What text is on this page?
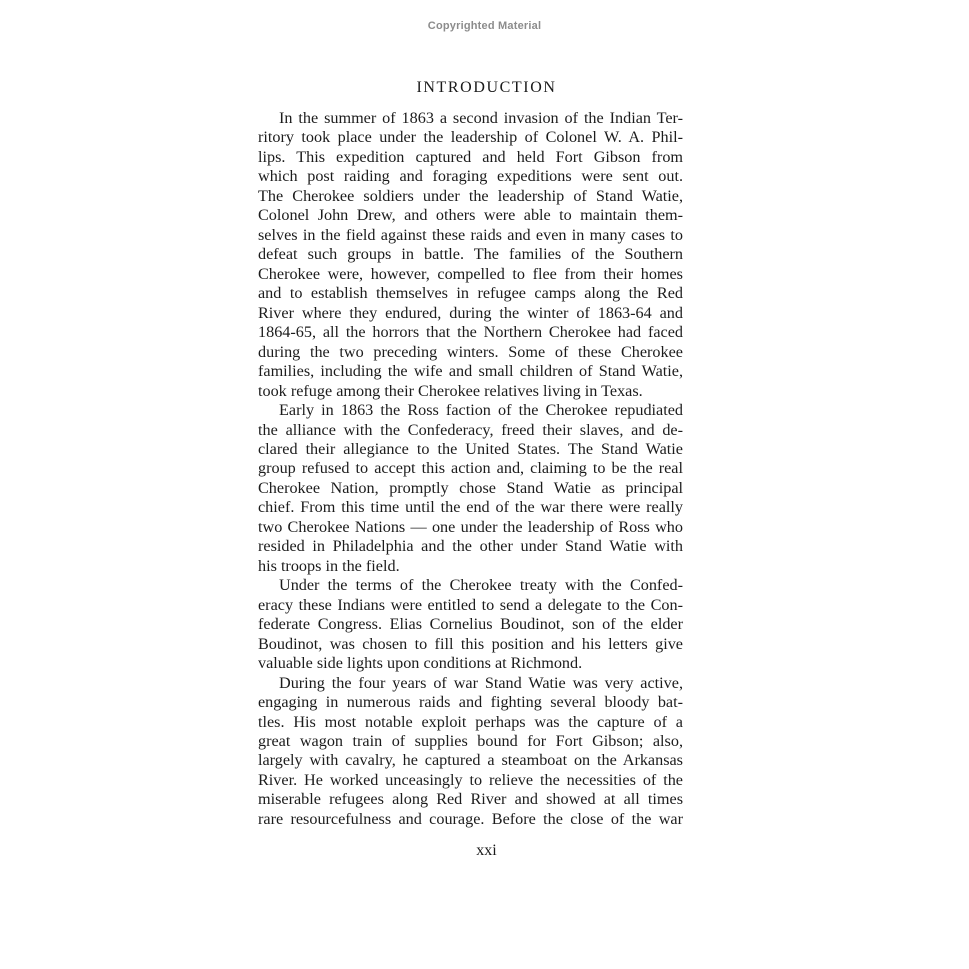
Copyrighted Material
INTRODUCTION
In the summer of 1863 a second invasion of the Indian Ter-
ritory took place under the leadership of Colonel W. A. Phil-
lips. This expedition captured and held Fort Gibson from
which post raiding and foraging expeditions were sent out.
The Cherokee soldiers under the leadership of Stand Watie,
Colonel John Drew, and others were able to maintain them-
selves in the field against these raids and even in many cases to
defeat such groups in battle. The families of the Southern
Cherokee were, however, compelled to flee from their homes
and to establish themselves in refugee camps along the Red
River where they endured, during the winter of 1863-64 and
1864-65, all the horrors that the Northern Cherokee had faced
during the two preceding winters. Some of these Cherokee
families, including the wife and small children of Stand Watie,
took refuge among their Cherokee relatives living in Texas.
Early in 1863 the Ross faction of the Cherokee repudiated
the alliance with the Confederacy, freed their slaves, and de-
clared their allegiance to the United States. The Stand Watie
group refused to accept this action and, claiming to be the real
Cherokee Nation, promptly chose Stand Watie as principal
chief. From this time until the end of the war there were really
two Cherokee Nations — one under the leadership of Ross who
resided in Philadelphia and the other under Stand Watie with
his troops in the field.
Under the terms of the Cherokee treaty with the Confed-
eracy these Indians were entitled to send a delegate to the Con-
federate Congress. Elias Cornelius Boudinot, son of the elder
Boudinot, was chosen to fill this position and his letters give
valuable side lights upon conditions at Richmond.
During the four years of war Stand Watie was very active,
engaging in numerous raids and fighting several bloody bat-
tles. His most notable exploit perhaps was the capture of a
great wagon train of supplies bound for Fort Gibson; also,
largely with cavalry, he captured a steamboat on the Arkansas
River. He worked unceasingly to relieve the necessities of the
miserable refugees along Red River and showed at all times
rare resourcefulness and courage. Before the close of the war
xxi
